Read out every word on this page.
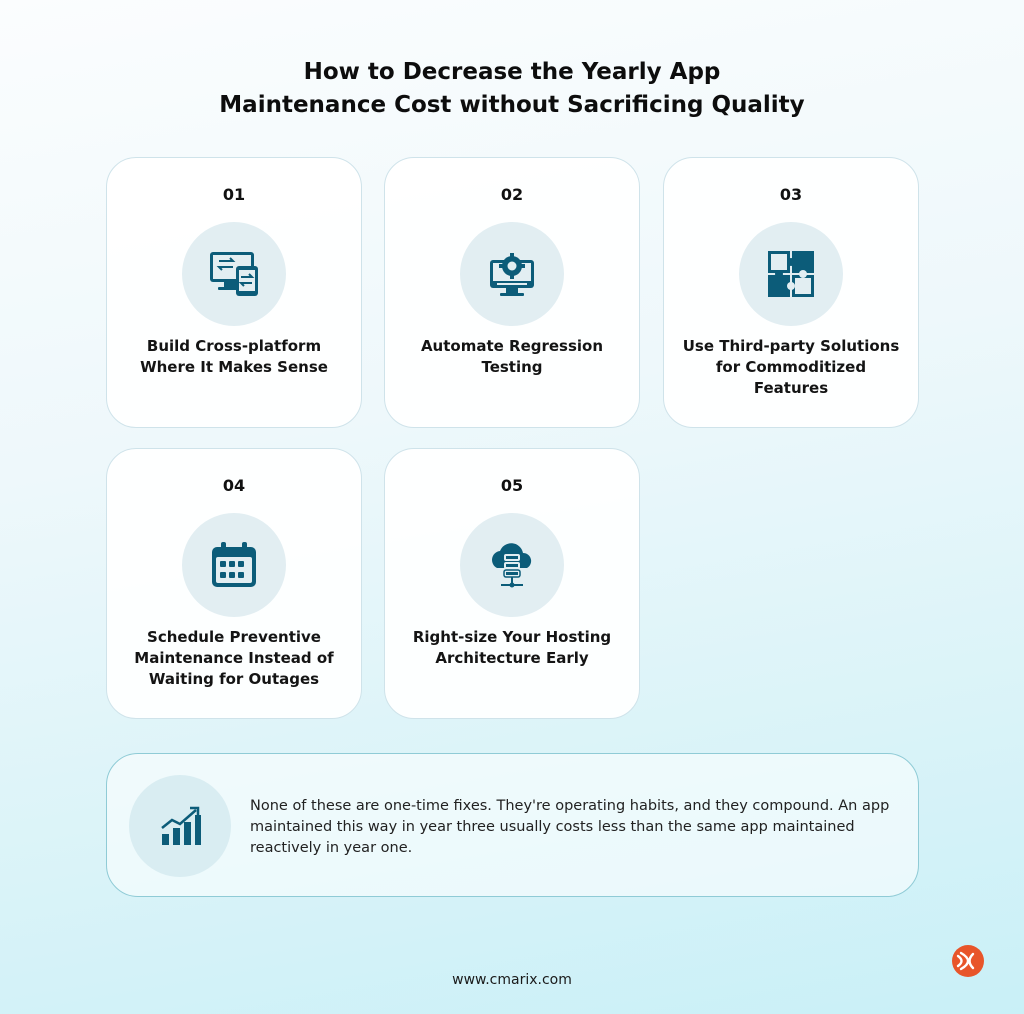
How to Decrease the Yearly App
Maintenance Cost without Sacrificing Quality
01
Build Cross-platform
Where It Makes Sense
02
Automate Regression
Testing
03
Use Third-party Solutions
for Commoditized
Features
04
Schedule Preventive
Maintenance Instead of
Waiting for Outages
05
Right-size Your Hosting
Architecture Early
None of these are one-time fixes. They're operating habits, and they compound. An app maintained this way in year three usually costs less than the same app maintained reactively in year one.
www.cmarix.com
